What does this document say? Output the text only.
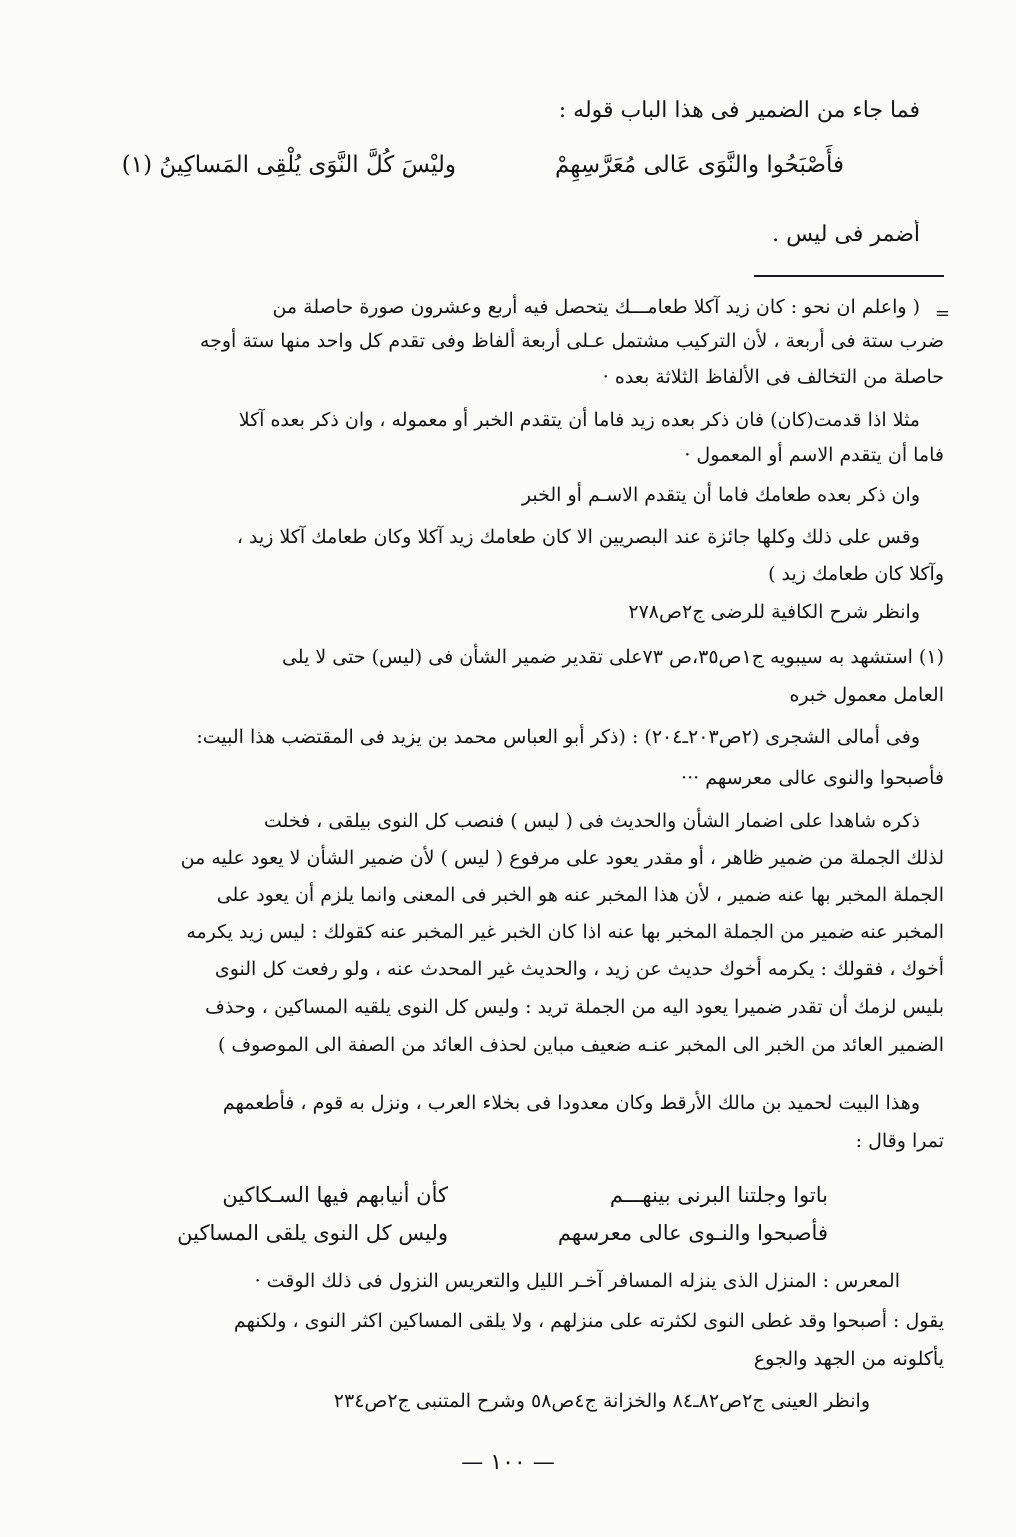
فما جاء من الضمير فى هذا الباب قوله :
فأَصْبَحُوا والنَّوَى عَالى مُعَرَّسِهِمْ
وليْسَ كُلَّ النَّوَى يُلْقِى المَساكِينُ (١)
أضمر فى ليس .
=
( واعلم ان نحو : كان زيد آكلا طعامـــك يتحصل فيه أربع وعشرون صورة حاصلة من
ضرب ستة فى أربعة ، لأن التركيب مشتمل عـلى أربعة ألفاظ وفى تقدم كل واحد منها ستة أوجه
حاصلة من التخالف فى الألفاظ الثلاثة بعده ·
مثلا اذا قدمت(كان) فان ذكر بعده زيد فاما أن يتقدم الخبر أو معموله ، وان ذكر بعده آكلا
فاما أن يتقدم الاسم أو المعمول ·
وان ذكر بعده طعامك فاما أن يتقدم الاسـم أو الخبر
وقس على ذلك وكلها جائزة عند البصريين الا كان طعامك زيد آكلا وكان طعامك آكلا زيد ،
وآكلا كان طعامك زيد )
وانظر شرح الكافية للرضى ج٢ص٢٧٨
(١) استشهد به سيبويه ج١ص٣٥،ص ٧٣على تقدير ضمير الشأن فى (ليس) حتى لا يلى
العامل معمول خبره
وفى أمالى الشجرى (٢ص٢٠٣ـ٢٠٤) : (ذكر أبو العباس محمد بن يزيد فى المقتضب هذا البيت:
فأصبحوا والنوى عالى معرسهم ···
ذكره شاهدا على اضمار الشأن والحديث فى ( ليس ) فنصب كل النوى بيلقى ، فخلت
لذلك الجملة من ضمير ظاهر ، أو مقدر يعود على مرفوع ( ليس ) لأن ضمير الشأن لا يعود عليه من
الجملة المخبر بها عنه ضمير ، لأن هذا المخبر عنه هو الخبر فى المعنى وانما يلزم أن يعود على
المخبر عنه ضمير من الجملة المخبر بها عنه اذا كان الخبر غير المخبر عنه كقولك : ليس زيد يكرمه
أخوك ، فقولك : يكرمه أخوك حديث عن زيد ، والحديث غير المحدث عنه ، ولو رفعت كل النوى
بليس لزمك أن تقدر ضميرا يعود اليه من الجملة تريد : وليس كل النوى يلقيه المساكين ، وحذف
الضمير العائد من الخبر الى المخبر عنـه ضعيف مباين لحذف العائد من الصفة الى الموصوف )
وهذا البيت لحميد بن مالك الأرقط وكان معدودا فى بخلاء العرب ، ونزل به قوم ، فأطعمهم
تمرا وقال :
باتوا وجلتنا البرنى بينهـــم
كأن أنيابهم فيها السـكاكين
فأصبحوا والنـوى عالى معرسهم
وليس كل النوى يلقى المساكين
المعرس : المنزل الذى ينزله المسافر آخـر الليل والتعريس النزول فى ذلك الوقت ·
يقول : أصبحوا وقد غطى النوى لكثرته على منزلهم ، ولا يلقى المساكين اكثر النوى ، ولكنهم
يأكلونه من الجهد والجوع
وانظر العينى ج٢ص٨٢ـ٨٤ والخزانة ج٤ص٥٨ وشرح المتنبى ج٢ص٢٣٤
— ١٠٠ —
